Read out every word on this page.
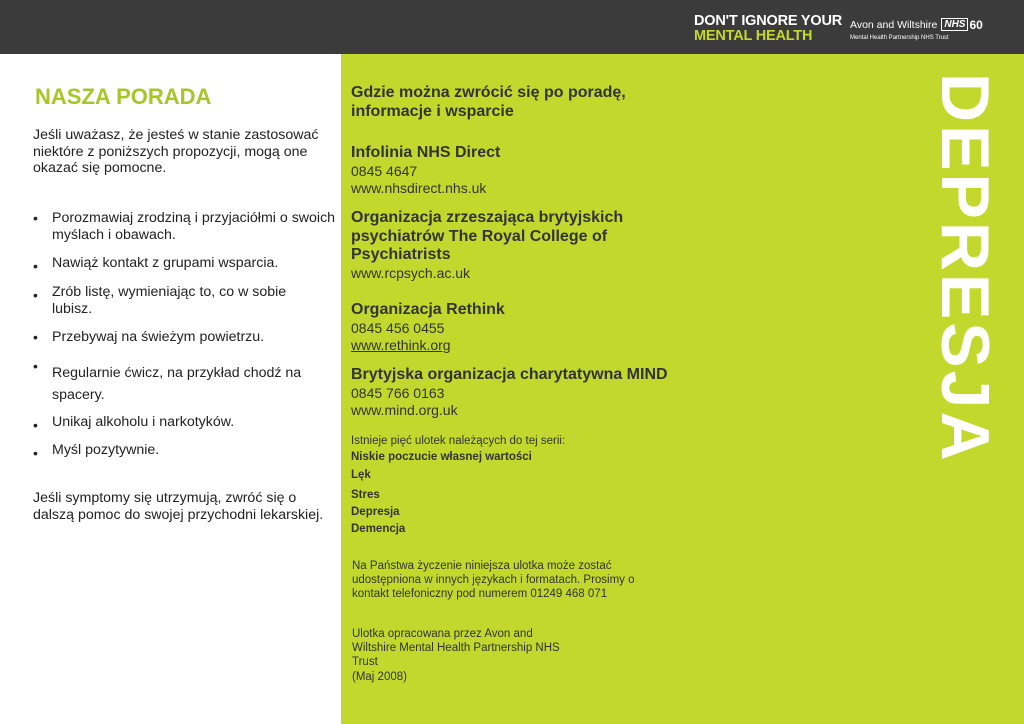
DON'T IGNORE YOUR
MENTAL HEALTH
Avon and Wiltshire NHS 60
Mental Health Partnership NHS Trust
NASZA PORADA

Jeśli uważasz, że jesteś w stanie zastosować niektóre z poniższych propozycji, mogą one okazać się pomocne.

• Porozmawiaj zrodziną i przyjaciółmi o swoich myślach i obawach.
• Nawiąż kontakt z grupami wsparcia.
• Zrób listę, wymieniając to, co w sobie lubisz.
• Przebywaj na świeżym powietrzu.
• Regularnie ćwicz, na przykład chodź na spacery.
• Unikaj alkoholu i narkotyków.
• Myśl pozytywnie.

Jeśli symptomy się utrzymują, zwróć się o dalszą pomoc do swojej przychodni lekarskiej.

Gdzie można zwrócić się po poradę, informacje i wsparcie
Infolinia NHS Direct
0845 4647
www.nhsdirect.nhs.uk
Organizacja zrzeszająca brytyjskich psychiatrów The Royal College of Psychiatrists
www.rcpsych.ac.uk
Organizacja Rethink
0845 456 0455
www.rethink.org
Brytyjska organizacja charytatywna MIND
0845 766 0163
www.mind.org.uk
Istnieje pięć ulotek należących do tej serii:
Niskie poczucie własnej wartości
Lęk
Stres
Depresja
Demencja
Na Państwa życzenie niniejsza ulotka może zostać udostępniona w innych językach i formatach. Prosimy o kontakt telefoniczny pod numerem 01249 468 071
Ulotka opracowana przez Avon and Wiltshire Mental Health Partnership NHS Trust
(Maj 2008)
DEPRESJA
